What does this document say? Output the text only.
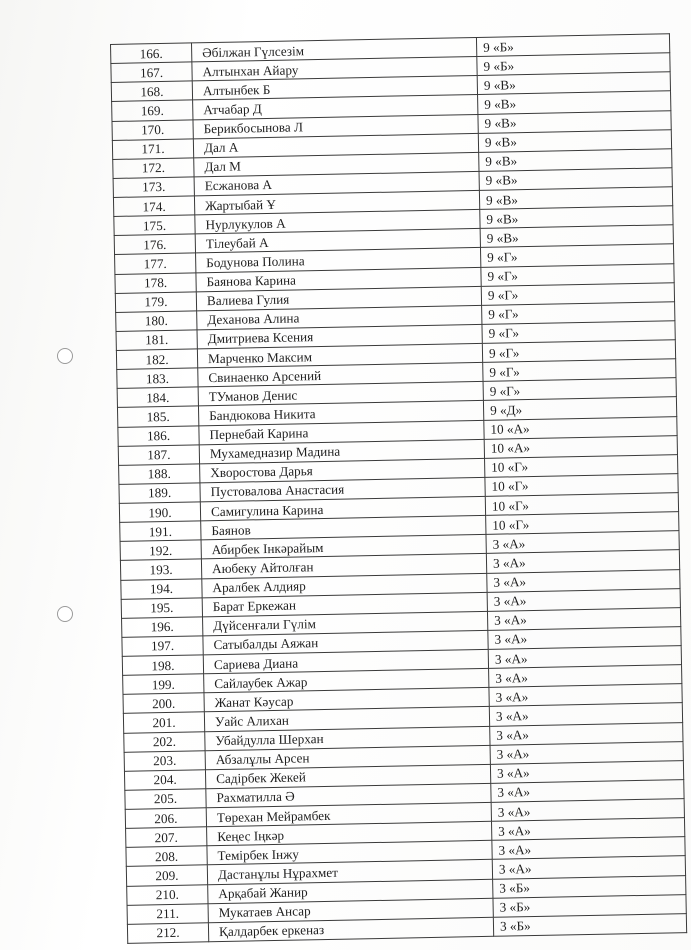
166.	Әбілжан Гүлсезім	9 «Б»
167.	Алтынхан Айару	9 «Б»
168.	Алтынбек Б	9 «В»
169.	Атчабар Д	9 «В»
170.	Берикбосынова Л	9 «В»
171.	Дал А	9 «В»
172.	Дал М	9 «В»
173.	Есжанова А	9 «В»
174.	Жартыбай Ұ	9 «В»
175.	Нурлукулов А	9 «В»
176.	Тілеубай А	9 «В»
177.	Бодунова Полина	9 «Г»
178.	Баянова Карина	9 «Г»
179.	Валиева Гулия	9 «Г»
180.	Деханова Алина	9 «Г»
181.	Дмитриева Ксения	9 «Г»
182.	Марченко Максим	9 «Г»
183.	Свинаенко Арсений	9 «Г»
184.	ТУманов Денис	9 «Г»
185.	Бандюкова Никита	9 «Д»
186.	Пернебай Карина	10 «А»
187.	Мухамедназир Мадина	10 «А»
188.	Хворостова Дарья	10 «Г»
189.	Пустовалова Анастасия	10 «Г»
190.	Самигулина Карина	10 «Г»
191.	Баянов	10 «Г»
192.	Абирбек Інкәрайым	3 «А»
193.	Аюбеку Айтолған	3 «А»
194.	Аралбек Алдияр	3 «А»
195.	Барат Еркежан	3 «А»
196.	Дүйсенғали Гүлім	3 «А»
197.	Сатыбалды Аяжан	3 «А»
198.	Сариева Диана	3 «А»
199.	Сайлаубек Ажар	3 «А»
200.	Жанат Кәусар	3 «А»
201.	Уайс Алихан	3 «А»
202.	Убайдулла Шерхан	3 «А»
203.	Абзалұлы Арсен	3 «А»
204.	Садірбек Жекей	3 «А»
205.	Рахматилла Ә	3 «А»
206.	Төрехан Мейрамбек	3 «А»
207.	Кеңес Іңкәр	3 «А»
208.	Темірбек Інжу	3 «А»
209.	Дастанұлы Нұрахмет	3 «А»
210.	Арқабай Жанир	3 «Б»
211.	Мукатаев Ансар	3 «Б»
212.	Қалдарбек еркеназ	3 «Б»
